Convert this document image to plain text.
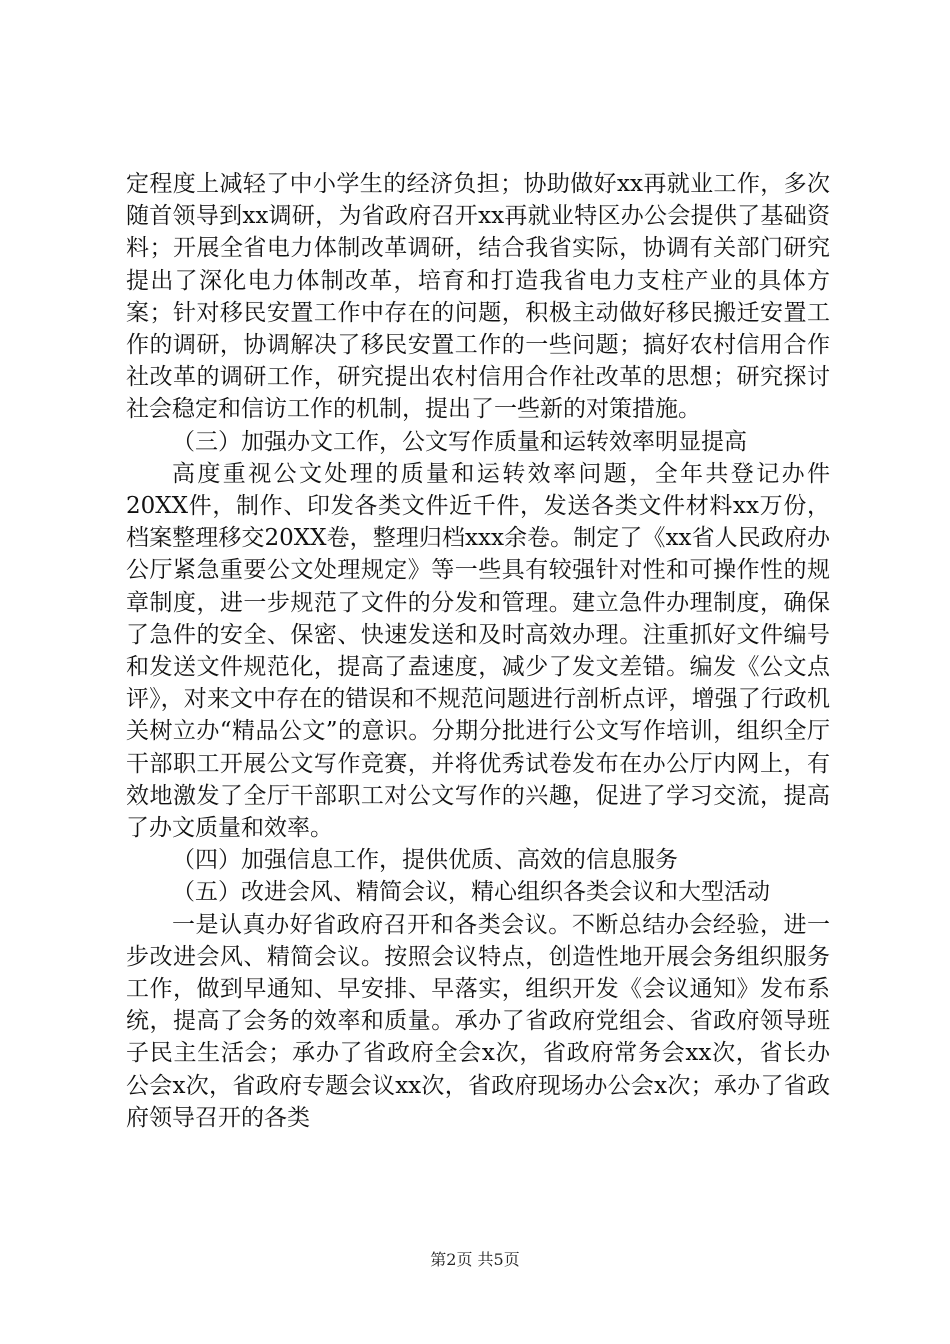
定程度上减轻了中小学生的经济负担；协助做好xx再就业工作，多次随首领导到xx调研，为省政府召开xx再就业特区办公会提供了基础资料；开展全省电力体制改革调研，结合我省实际，协调有关部门研究提出了深化电力体制改革，培育和打造我省电力支柱产业的具体方案；针对移民安置工作中存在的问题，积极主动做好移民搬迁安置工作的调研，协调解决了移民安置工作的一些问题；搞好农村信用合作社改革的调研工作，研究提出农村信用合作社改革的思想；研究探讨社会稳定和信访工作的机制，提出了一些新的对策措施。

（三）加强办文工作，公文写作质量和运转效率明显提高

高度重视公文处理的质量和运转效率问题，全年共登记办件20XX件，制作、印发各类文件近千件，发送各类文件材料xx万份，档案整理移交20XX卷，整理归档xxx余卷。制定了《xx省人民政府办公厅紧急重要公文处理规定》等一些具有较强针对性和可操作性的规章制度，进一步规范了文件的分发和管理。建立急件办理制度，确保了急件的安全、保密、快速发送和及时高效办理。注重抓好文件编号和发送文件规范化，提高了盍速度，减少了发文差错。编发《公文点评》，对来文中存在的错误和不规范问题进行剖析点评，增强了行政机关树立办“精品公文”的意识。分期分批进行公文写作培训，组织全厅干部职工开展公文写作竞赛，并将优秀试卷发布在办公厅内网上，有效地激发了全厅干部职工对公文写作的兴趣，促进了学习交流，提高了办文质量和效率。

（四）加强信息工作，提供优质、高效的信息服务

（五）改进会风、精简会议，精心组织各类会议和大型活动

一是认真办好省政府召开和各类会议。不断总结办会经验，进一步改进会风、精简会议。按照会议特点，创造性地开展会务组织服务工作，做到早通知、早安排、早落实，组织开发《会议通知》发布系统，提高了会务的效率和质量。承办了省政府党组会、省政府领导班子民主生活会；承办了省政府全会x次，省政府常务会xx次，省长办公会x次，省政府专题会议xx次，省政府现场办公会x次；承办了省政府领导召开的各类

第2页 共5页
